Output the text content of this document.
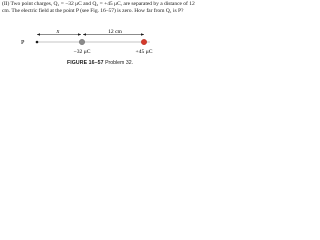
(II) Two point charges, Q₁ = −32 μC and Q₂ = +45 μC, are separated by a distance of 12 cm. The electric field at the point P (see Fig. 16–57) is zero. How far from Q₁ is P?
x	12 cm
P
−32 μC	+45 μC
FIGURE 16–57 Problem 32.
